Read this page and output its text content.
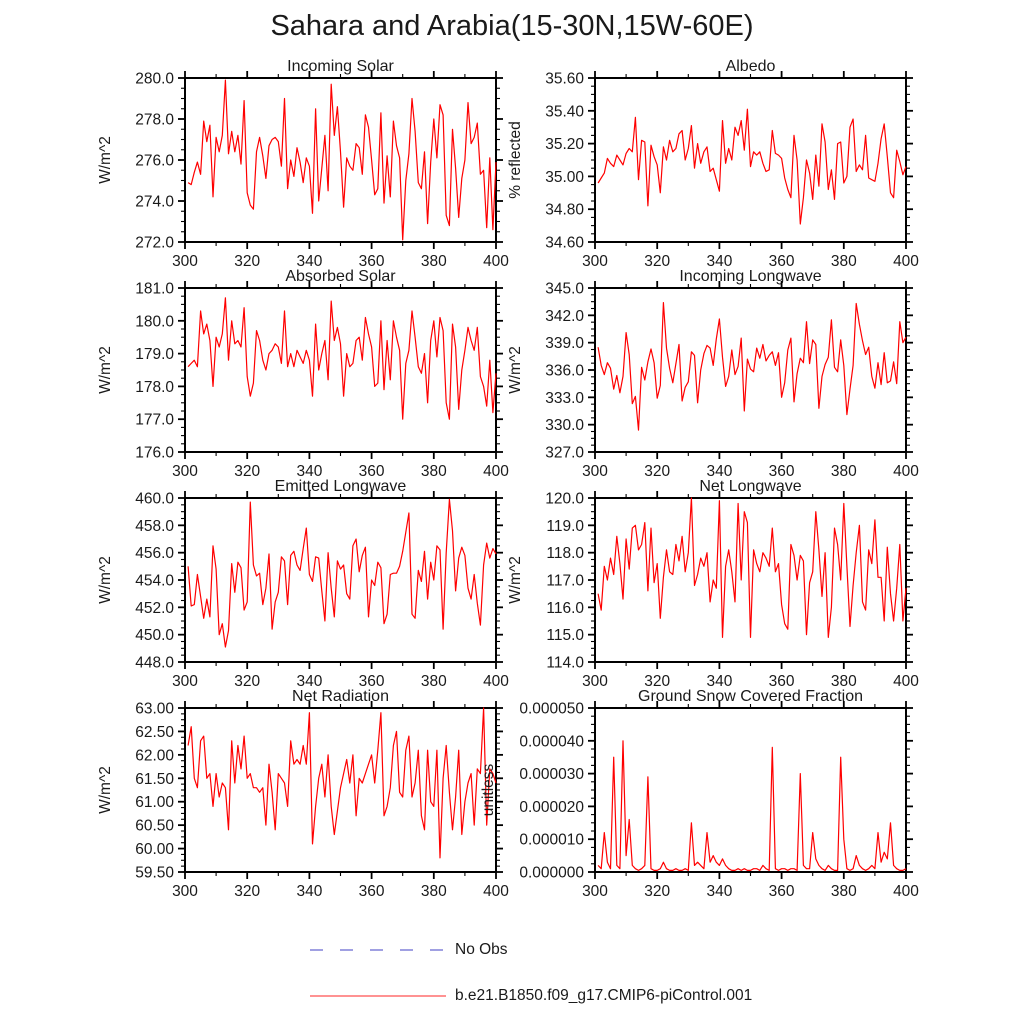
Sahara and Arabia(15-30N,15W-60E)
Incoming Solar
300 320 340 360 380 400
272.0
274.0
276.0
278.0
280.0
W/m^2
Albedo
300 320 340 360 380 400
34.60
34.80
35.00
35.20
35.40
35.60
% reflected
Absorbed Solar
300 320 340 360 380 400
176.0
177.0
178.0
179.0
180.0
181.0
W/m^2
Incoming Longwave
300 320 340 360 380 400
327.0
330.0
333.0
336.0
339.0
342.0
345.0
W/m^2
Emitted Longwave
300 320 340 360 380 400
448.0
450.0
452.0
454.0
456.0
458.0
460.0
W/m^2
Net Longwave
300 320 340 360 380 400
114.0
115.0
116.0
117.0
118.0
119.0
120.0
W/m^2
Net Radiation
300 320 340 360 380 400
59.50
60.00
60.50
61.00
61.50
62.00
62.50
63.00
W/m^2
Ground Snow Covered Fraction
300 320 340 360 380 400
0.000000
0.000010
0.000020
0.000030
0.000040
0.000050
unitless
No Obs
b.e21.B1850.f09_g17.CMIP6-piControl.001
